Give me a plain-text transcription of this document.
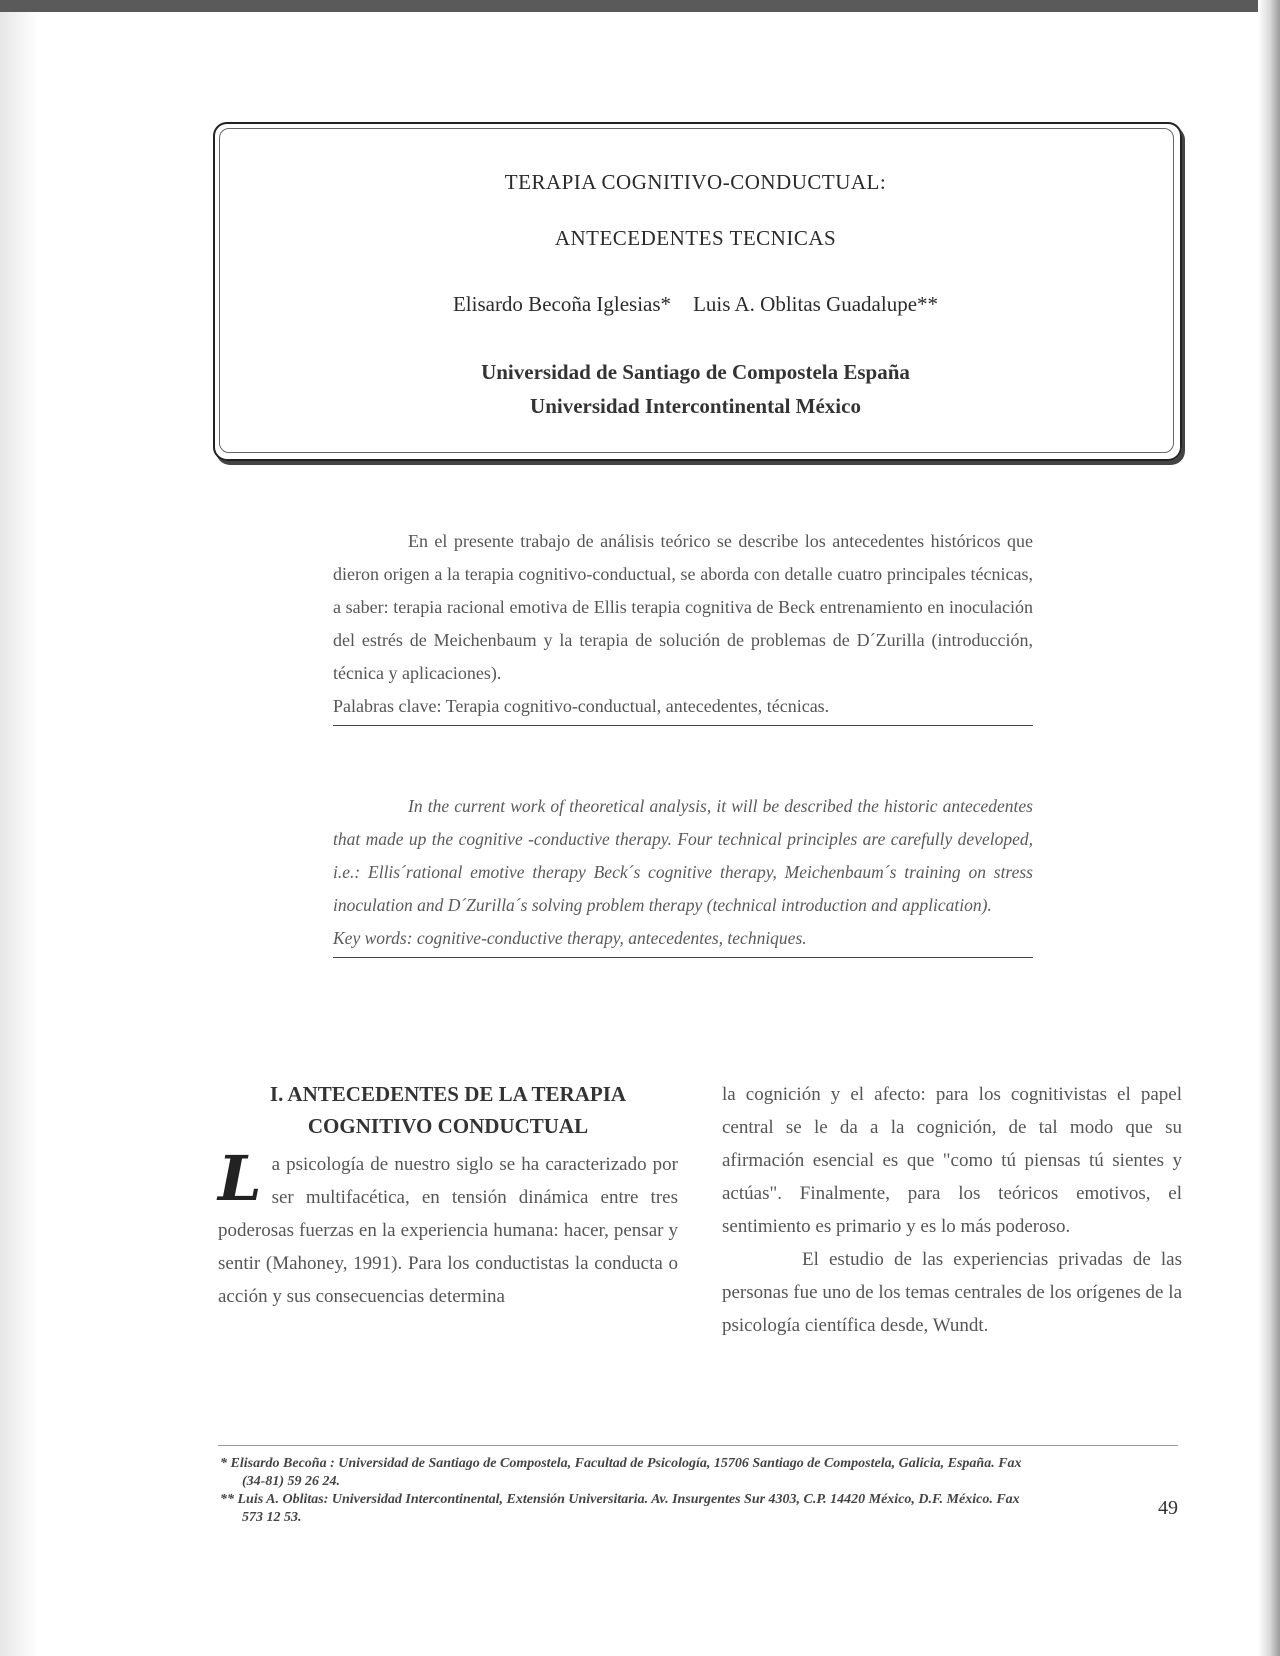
TERAPIA COGNITIVO-CONDUCTUAL:
ANTECEDENTES TECNICAS
Elisardo Becoña Iglesias* Luis A. Oblitas Guadalupe**
Universidad de Santiago de Compostela España
Universidad Intercontinental México

En el presente trabajo de análisis teórico se describe los antecedentes históricos que dieron origen a la terapia cognitivo-conductual, se aborda con detalle cuatro principales técnicas, a saber: terapia racional emotiva de Ellis terapia cognitiva de Beck entrenamiento en inoculación del estrés de Meichenbaum y la terapia de solución de problemas de D´Zurilla (introducción, técnica y aplicaciones).

Palabras clave: Terapia cognitivo-conductual, antecedentes, técnicas.

In the current work of theoretical analysis, it will be described the historic antecedentes that made up the cognitive -conductive therapy. Four technical principles are carefully developed, i.e.: Ellis´rational emotive therapy Beck´s cognitive therapy, Meichenbaum´s training on stress inoculation and D´Zurilla´s solving problem therapy (technical introduction and application).

Key words: cognitive-conductive therapy, antecedentes, techniques.

I. ANTECEDENTES DE LA TERAPIA
COGNITIVO CONDUCTUAL

La psicología de nuestro siglo se ha caracterizado por ser multifacética, en tensión dinámica entre tres poderosas fuerzas en la experiencia humana: hacer, pensar y sentir (Mahoney, 1991). Para los conductistas la conducta o acción y sus consecuencias determina

la cognición y el afecto: para los cognitivistas el papel central se le da a la cognición, de tal modo que su afirmación esencial es que "como tú piensas tú sientes y actúas". Finalmente, para los teóricos emotivos, el sentimiento es primario y es lo más poderoso.

El estudio de las experiencias privadas de las personas fue uno de los temas centrales de los orígenes de la psicología científica desde, Wundt.

* Elisardo Becoña : Universidad de Santiago de Compostela, Facultad de Psicología, 15706 Santiago de Compostela, Galicia, España. Fax (34-81) 59 26 24.

** Luis A. Oblitas: Universidad Intercontinental, Extensión Universitaria. Av. Insurgentes Sur 4303, C.P. 14420 México, D.F. México. Fax 573 12 53.	49
